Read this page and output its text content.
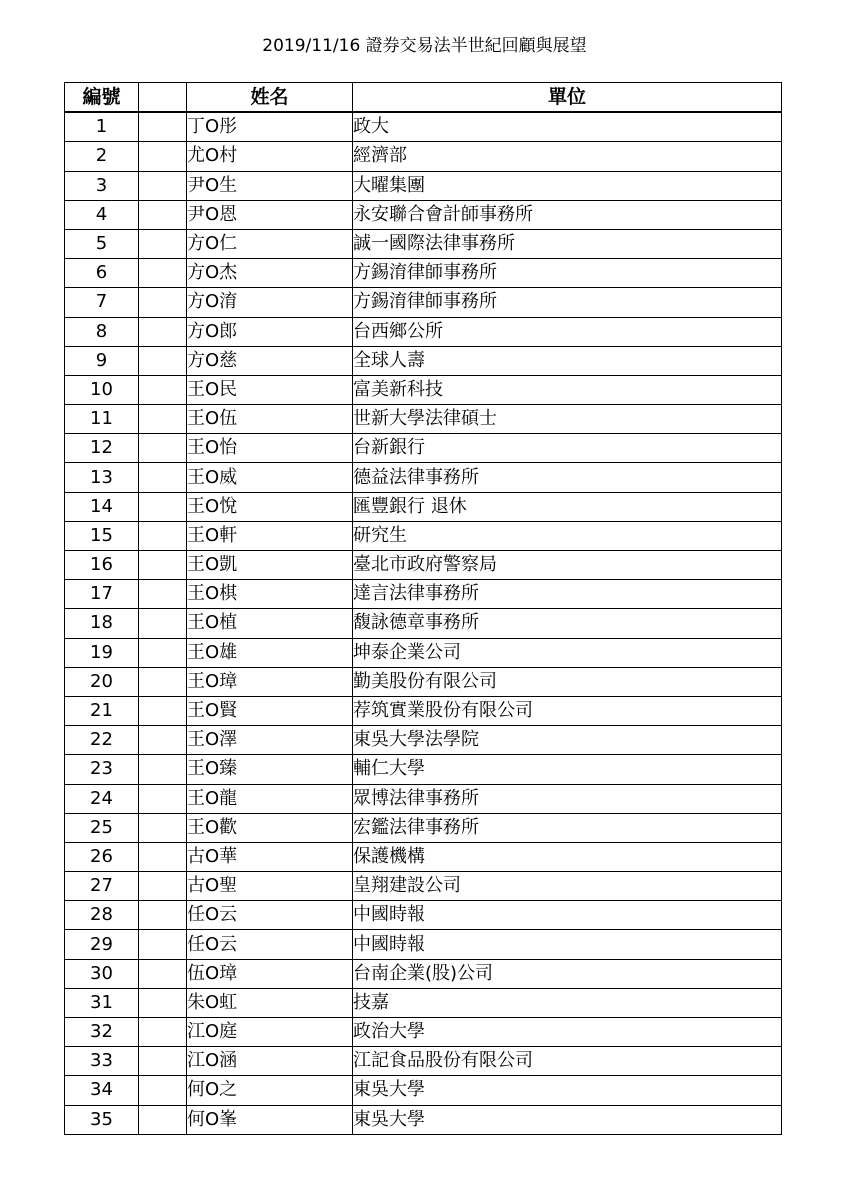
2019/11/16 證券交易法半世紀回顧與展望
編號		姓名	單位
1		丁O彤	政大
2		尤O村	經濟部
3		尹O生	大曜集團
4		尹O恩	永安聯合會計師事務所
5		方O仁	誠一國際法律事務所
6		方O杰	方錫淯律師事務所
7		方O淯	方錫淯律師事務所
8		方O郎	台西鄉公所
9		方O慈	全球人壽
10		王O民	富美新科技
11		王O伍	世新大學法律碩士
12		王O怡	台新銀行
13		王O威	德益法律事務所
14		王O悅	匯豐銀行 退休
15		王O軒	研究生
16		王O凱	臺北市政府警察局
17		王O棋	達言法律事務所
18		王O植	馥詠德章事務所
19		王O雄	坤泰企業公司
20		王O璋	勤美股份有限公司
21		王O賢	荐筑實業股份有限公司
22		王O澤	東吳大學法學院
23		王O臻	輔仁大學
24		王O龍	眾博法律事務所
25		王O歡	宏鑑法律事務所
26		古O華	保護機構
27		古O聖	皇翔建設公司
28		任O云	中國時報
29		任O云	中國時報
30		伍O璋	台南企業(股)公司
31		朱O虹	技嘉
32		江O庭	政治大學
33		江O涵	江記食品股份有限公司
34		何O之	東吳大學
35		何O峯	東吳大學
